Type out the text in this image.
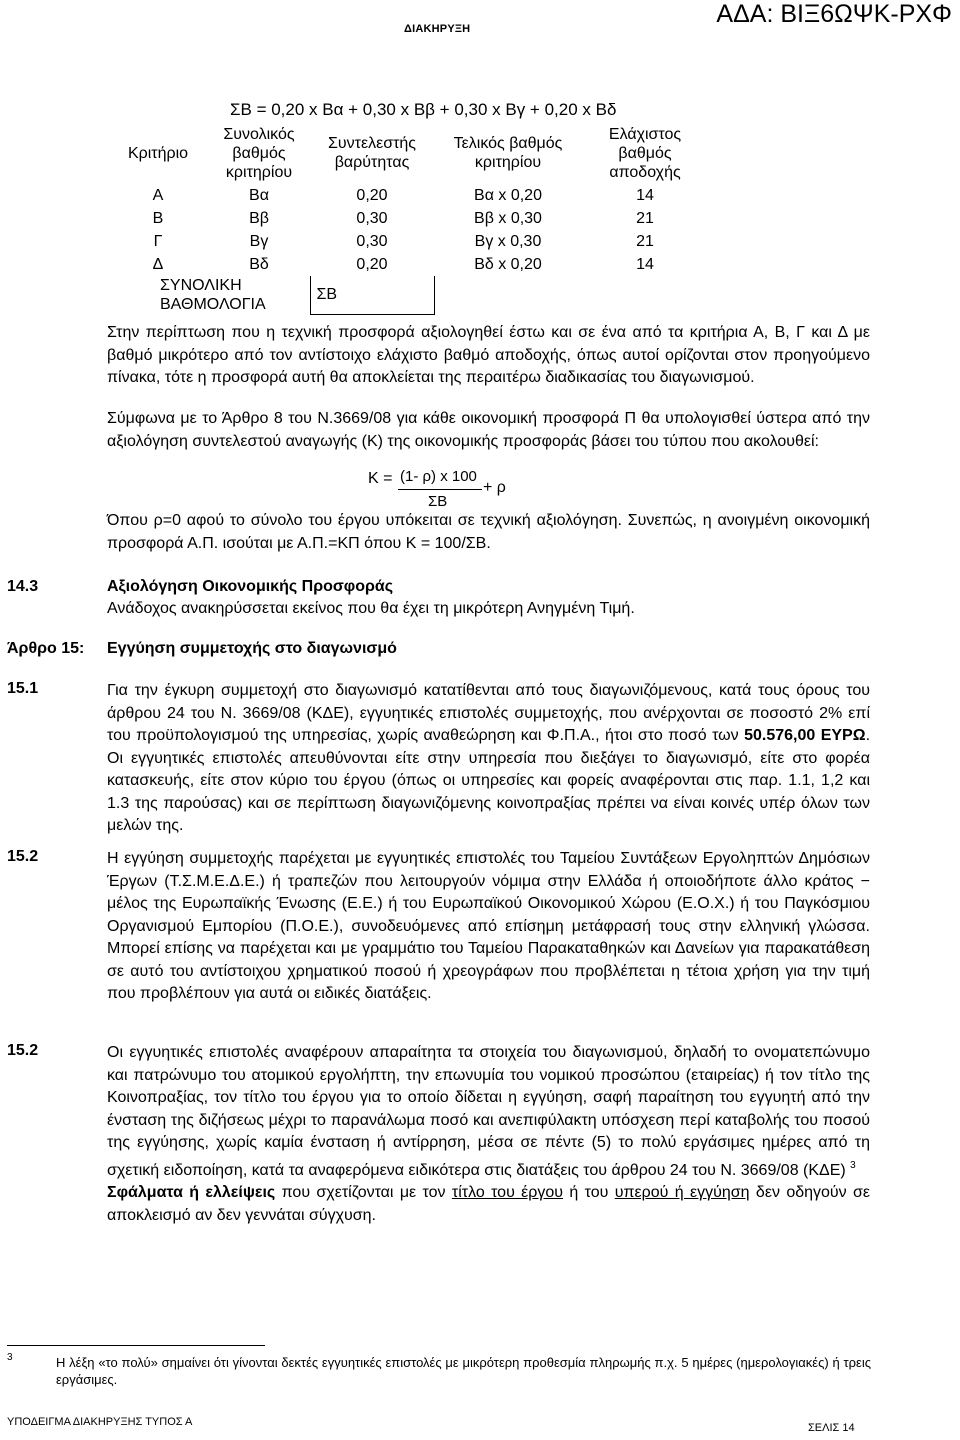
ΔΙΑΚΗΡΥΞΗ
ΑΔΑ: ΒΙΞ6ΩΨΚ-ΡΧΦ
ΣΒ = 0,20 x Βα + 0,30 x Ββ + 0,30 x Βγ + 0,20 x Βδ
Κριτήριο	Συνολικός βαθμός κριτηρίου	Συντελεστής βαρύτητας	Τελικός βαθμός κριτηρίου	Ελάχιστος βαθμός αποδοχής
Α	Βα	0,20	Βα x 0,20	14
Β	Ββ	0,30	Ββ x 0,30	21
Γ	Βγ	0,30	Βγ x 0,30	21
Δ	Βδ	0,20	Βδ x 0,20	14
ΣΥΝΟΛΙΚΗ ΒΑΘΜΟΛΟΓΙΑ		ΣΒ		
Στην περίπτωση που η τεχνική προσφορά αξιολογηθεί έστω και σε ένα από τα κριτήρια Α, Β, Γ και Δ με βαθμό μικρότερο από τον αντίστοιχο ελάχιστο βαθμό αποδοχής, όπως αυτοί ορίζονται στον προηγούμενο πίνακα, τότε η προσφορά αυτή θα αποκλείεται της περαιτέρω διαδικασίας του διαγωνισμού.
Σύμφωνα με το Άρθρο 8 του Ν.3669/08 για κάθε οικονομική προσφορά Π θα υπολογισθεί ύστερα από την αξιολόγηση συντελεστού αναγωγής (Κ) της οικονομικής προσφοράς βάσει του τύπου που ακολουθεί:
Κ = (1- ρ) x 100
ΣΒ
+ ρ
Όπου ρ=0 αφού το σύνολο του έργου υπόκειται σε τεχνική αξιολόγηση. Συνεπώς, η ανοιγμένη οικονομική προσφορά Α.Π. ισούται με Α.Π.=ΚΠ όπου Κ = 100/ΣΒ.
14.3	Αξιολόγηση Οικονομικής Προσφοράς
Ανάδοχος ανακηρύσσεται εκείνος που θα έχει τη μικρότερη Ανηγμένη Τιμή.
Άρθρο 15: Εγγύηση συμμετοχής στο διαγωνισμό
15.1	Για την έγκυρη συμμετοχή στο διαγωνισμό κατατίθενται από τους διαγωνιζόμενους, κατά τους όρους του άρθρου 24 του Ν. 3669/08 (ΚΔΕ), εγγυητικές επιστολές συμμετοχής, που ανέρχονται σε ποσοστό 2% επί του προϋπολογισμού της υπηρεσίας, χωρίς αναθεώρηση και Φ.Π.Α., ήτοι στο ποσό των 50.576,00 ΕΥΡΩ. Οι εγγυητικές επιστολές απευθύνονται είτε στην υπηρεσία που διεξάγει το διαγωνισμό, είτε στο φορέα κατασκευής, είτε στον κύριο του έργου (όπως οι υπηρεσίες και φορείς αναφέρονται στις παρ. 1.1, 1,2 και 1.3 της παρούσας) και σε περίπτωση διαγωνιζόμενης κοινοπραξίας πρέπει να είναι κοινές υπέρ όλων των μελών της.
15.2	Η εγγύηση συμμετοχής παρέχεται με εγγυητικές επιστολές του Ταμείου Συντάξεων Εργοληπτών Δημόσιων Έργων (Τ.Σ.Μ.Ε.Δ.Ε.) ή τραπεζών που λειτουργούν νόμιμα στην Ελλάδα ή οποιοδήποτε άλλο κράτος − μέλος της Ευρωπαϊκής Ένωσης (Ε.Ε.) ή του Ευρωπαϊκού Οικονομικού Χώρου (Ε.Ο.Χ.) ή του Παγκόσμιου Οργανισμού Εμπορίου (Π.Ο.Ε.), συνοδευόμενες από επίσημη μετάφρασή τους στην ελληνική γλώσσα. Μπορεί επίσης να παρέχεται και με γραμμάτιο του Ταμείου Παρακαταθηκών και Δανείων για παρακατάθεση σε αυτό του αντίστοιχου χρηματικού ποσού ή χρεογράφων που προβλέπεται η τέτοια χρήση για την τιμή που προβλέπουν για αυτά οι ειδικές διατάξεις.
15.2	Οι εγγυητικές επιστολές αναφέρουν απαραίτητα τα στοιχεία του διαγωνισμού, δηλαδή το ονοματεπώνυμο και πατρώνυμο του ατομικού εργολήπτη, την επωνυμία του νομικού προσώπου (εταιρείας) ή τον τίτλο της Κοινοπραξίας, τον τίτλο του έργου για το οποίο δίδεται η εγγύηση, σαφή παραίτηση του εγγυητή από την ένσταση της διζήσεως μέχρι το παρανάλωμα ποσό και ανεπιφύλακτη υπόσχεση περί καταβολής του ποσού της εγγύησης, χωρίς καμία ένσταση ή αντίρρηση, μέσα σε πέντε (5) το πολύ εργάσιμες ημέρες από τη σχετική ειδοποίηση, κατά τα αναφερόμενα ειδικότερα στις διατάξεις του άρθρου 24 του Ν. 3669/08 (ΚΔΕ) $^3$
Σφάλματα ή ελλείψεις που σχετίζονται με τον τίτλο του έργου ή του υπερού ή εγγύηση δεν οδηγούν σε αποκλεισμό αν δεν γεννάται σύγχυση.
3	Η λέξη «το πολύ» σημαίνει ότι γίνονται δεκτές εγγυητικές επιστολές με μικρότερη προθεσμία πληρωμής π.χ. 5 ημέρες (ημερολογιακές) ή τρεις εργάσιμες.
ΥΠΟΔΕΙΓΜΑ ΔΙΑΚΗΡΥΞΗΣ ΤΥΠΟΣ Α	ΣΕΛΙΣ 14
